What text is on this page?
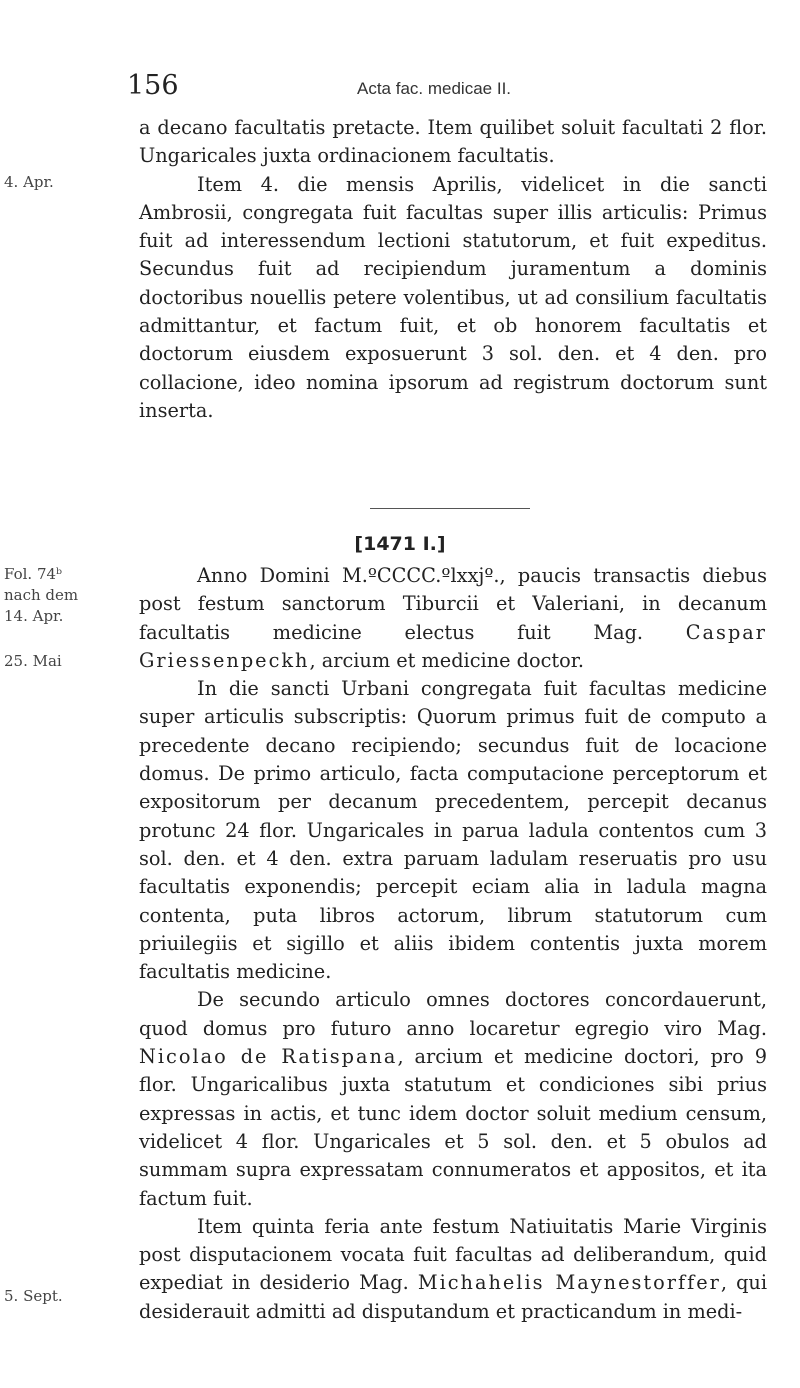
156	Acta fac. medicae II.
4. Apr.
Fol. 74ᵇ
nach dem
14. Apr.
25. Mai
5. Sept.

a decano facultatis pretacte. Item quilibet soluit facultati 2 flor. Ungaricales juxta ordinacionem facultatis.

Item 4. die mensis Aprilis, videlicet in die sancti Ambrosii, congregata fuit facultas super illis articulis: Primus fuit ad interessendum lectioni statutorum, et fuit expeditus. Secundus fuit ad recipiendum juramentum a dominis doctoribus nouellis petere volentibus, ut ad consilium facultatis admittantur, et factum fuit, et ob honorem facultatis et doctorum eiusdem exposuerunt 3 sol. den. et 4 den. pro collacione, ideo nomina ipsorum ad registrum doctorum sunt inserta.

[1471 I.]

Anno Domini M.ºCCCC.ºlxxjº., paucis transactis diebus post festum sanctorum Tiburcii et Valeriani, in decanum facultatis medicine electus fuit Mag. Caspar Griessenpeckh, arcium et medicine doctor.

In die sancti Urbani congregata fuit facultas medicine super articulis subscriptis: Quorum primus fuit de computo a precedente decano recipiendo; secundus fuit de locacione domus. De primo articulo, facta computacione perceptorum et expositorum per decanum precedentem, percepit decanus protunc 24 flor. Ungaricales in parua ladula contentos cum 3 sol. den. et 4 den. extra paruam ladulam reseruatis pro usu facultatis exponendis; percepit eciam alia in ladula magna contenta, puta libros actorum, librum statutorum cum priuilegiis et sigillo et aliis ibidem contentis juxta morem facultatis medicine.

De secundo articulo omnes doctores concordauerunt, quod domus pro futuro anno locaretur egregio viro Mag. Nicolao de Ratispana, arcium et medicine doctori, pro 9 flor. Ungaricalibus juxta statutum et condiciones sibi prius expressas in actis, et tunc idem doctor soluit medium censum, videlicet 4 flor. Ungaricales et 5 sol. den. et 5 obulos ad summam supra expressatam connumeratos et appositos, et ita factum fuit.

Item quinta feria ante festum Natiuitatis Marie Virginis post disputacionem vocata fuit facultas ad deliberandum, quid expediat in desiderio Mag. Michahelis Maynestorffer, qui desiderauit admitti ad disputandum et practicandum in medi-
